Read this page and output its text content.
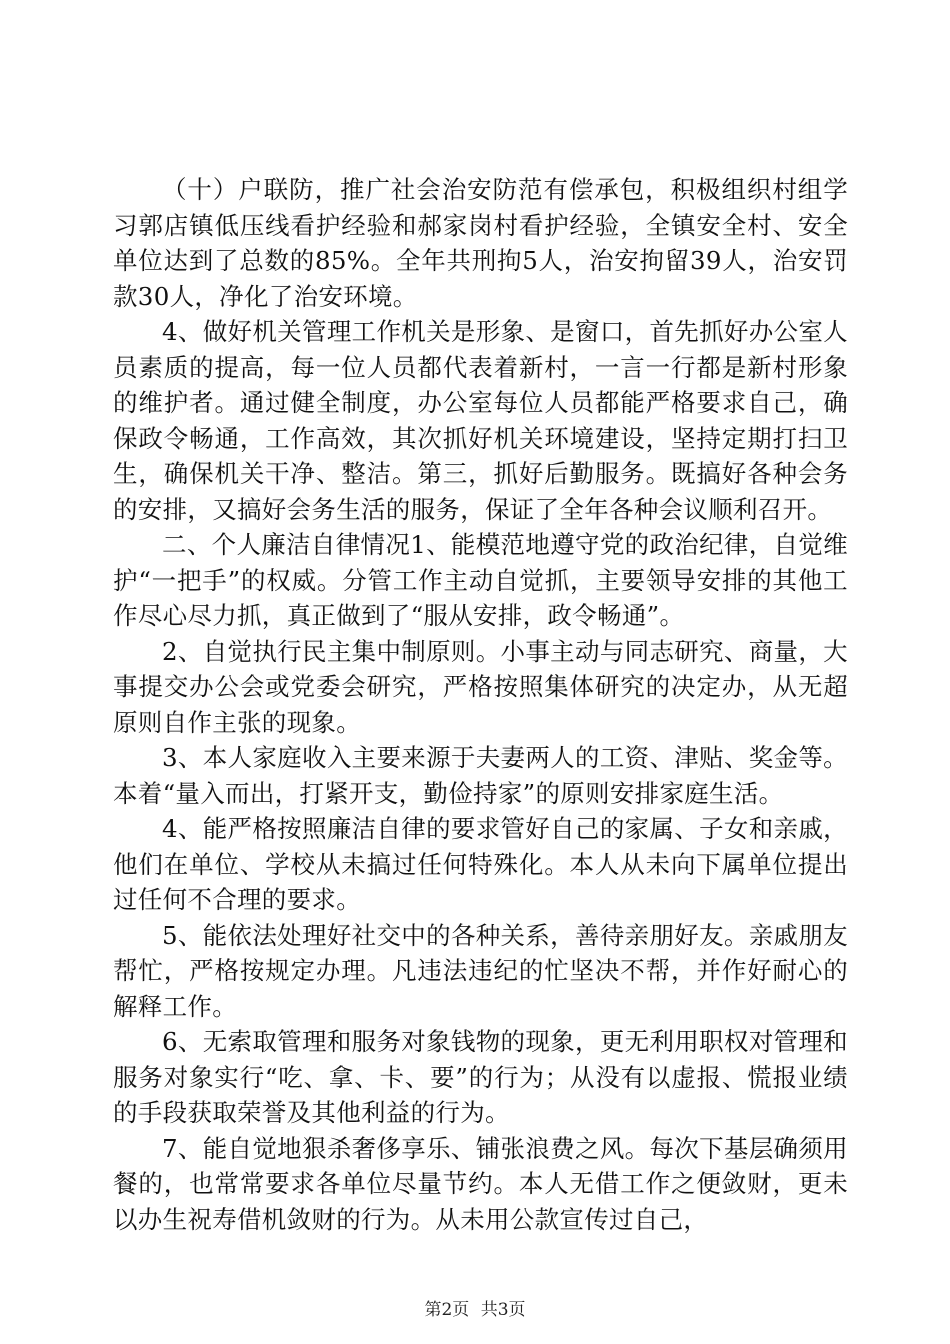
（十）户联防，推广社会治安防范有偿承包，积极组织村组学习郭店镇低压线看护经验和郝家岗村看护经验，全镇安全村、安全单位达到了总数的85%。全年共刑拘5人，治安拘留39人，治安罚款30人，净化了治安环境。

4、做好机关管理工作机关是形象、是窗口，首先抓好办公室人员素质的提高，每一位人员都代表着新村，一言一行都是新村形象的维护者。通过健全制度，办公室每位人员都能严格要求自己，确保政令畅通，工作高效，其次抓好机关环境建设，坚持定期打扫卫生，确保机关干净、整洁。第三，抓好后勤服务。既搞好各种会务的安排，又搞好会务生活的服务，保证了全年各种会议顺利召开。

二、个人廉洁自律情况1、能模范地遵守党的政治纪律，自觉维护“一把手”的权威。分管工作主动自觉抓，主要领导安排的其他工作尽心尽力抓，真正做到了“服从安排，政令畅通”。

2、自觉执行民主集中制原则。小事主动与同志研究、商量，大事提交办公会或党委会研究，严格按照集体研究的决定办，从无超原则自作主张的现象。

3、本人家庭收入主要来源于夫妻两人的工资、津贴、奖金等。本着“量入而出，打紧开支，勤俭持家”的原则安排家庭生活。

4、能严格按照廉洁自律的要求管好自己的家属、子女和亲戚，他们在单位、学校从未搞过任何特殊化。本人从未向下属单位提出过任何不合理的要求。

5、能依法处理好社交中的各种关系，善待亲朋好友。亲戚朋友帮忙，严格按规定办理。凡违法违纪的忙坚决不帮，并作好耐心的解释工作。

6、无索取管理和服务对象钱物的现象，更无利用职权对管理和服务对象实行“吃、拿、卡、要”的行为；从没有以虚报、慌报业绩的手段获取荣誉及其他利益的行为。

7、能自觉地狠杀奢侈享乐、铺张浪费之风。每次下基层确须用餐的，也常常要求各单位尽量节约。本人无借工作之便敛财，更未以办生祝寿借机敛财的行为。从未用公款宣传过自己，

第2页 共3页
